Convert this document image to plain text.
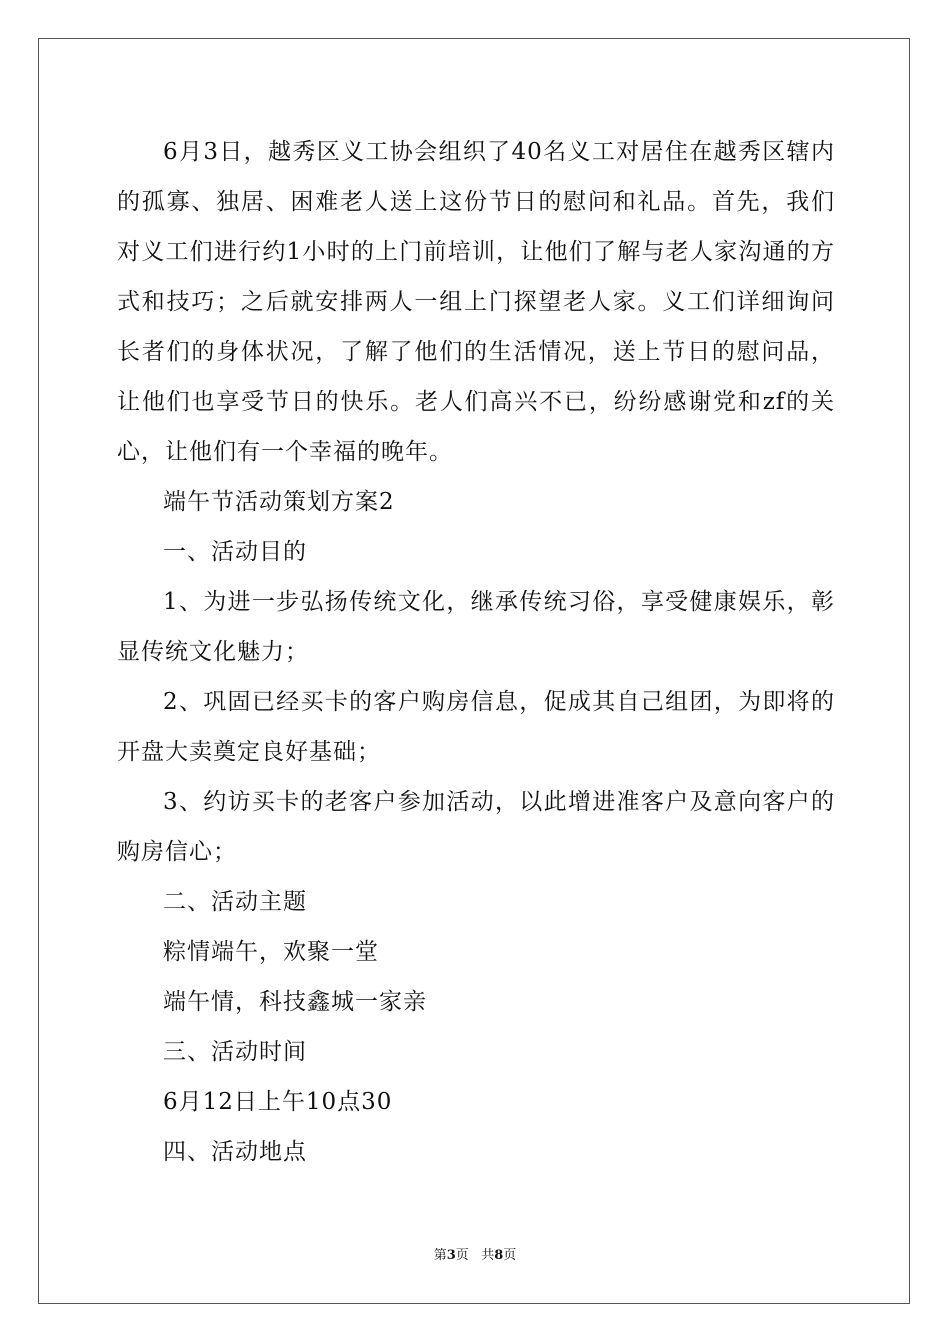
6月3日，越秀区义工协会组织了40名义工对居住在越秀区辖内的孤寡、独居、困难老人送上这份节日的慰问和礼品。首先，我们对义工们进行约1小时的上门前培训，让他们了解与老人家沟通的方式和技巧；之后就安排两人一组上门探望老人家。义工们详细询问长者们的身体状况，了解了他们的生活情况，送上节日的慰问品，让他们也享受节日的快乐。老人们高兴不已，纷纷感谢党和zf的关心，让他们有一个幸福的晚年。

端午节活动策划方案2

一、活动目的

1、为进一步弘扬传统文化，继承传统习俗，享受健康娱乐，彰显传统文化魅力；

2、巩固已经买卡的客户购房信息，促成其自己组团，为即将的开盘大卖奠定良好基础；

3、约访买卡的老客户参加活动，以此增进准客户及意向客户的购房信心；

二、活动主题

粽情端午，欢聚一堂

端午情，科技鑫城一家亲

三、活动时间

6月12日上午10点30

四、活动地点

第3页 共8页
